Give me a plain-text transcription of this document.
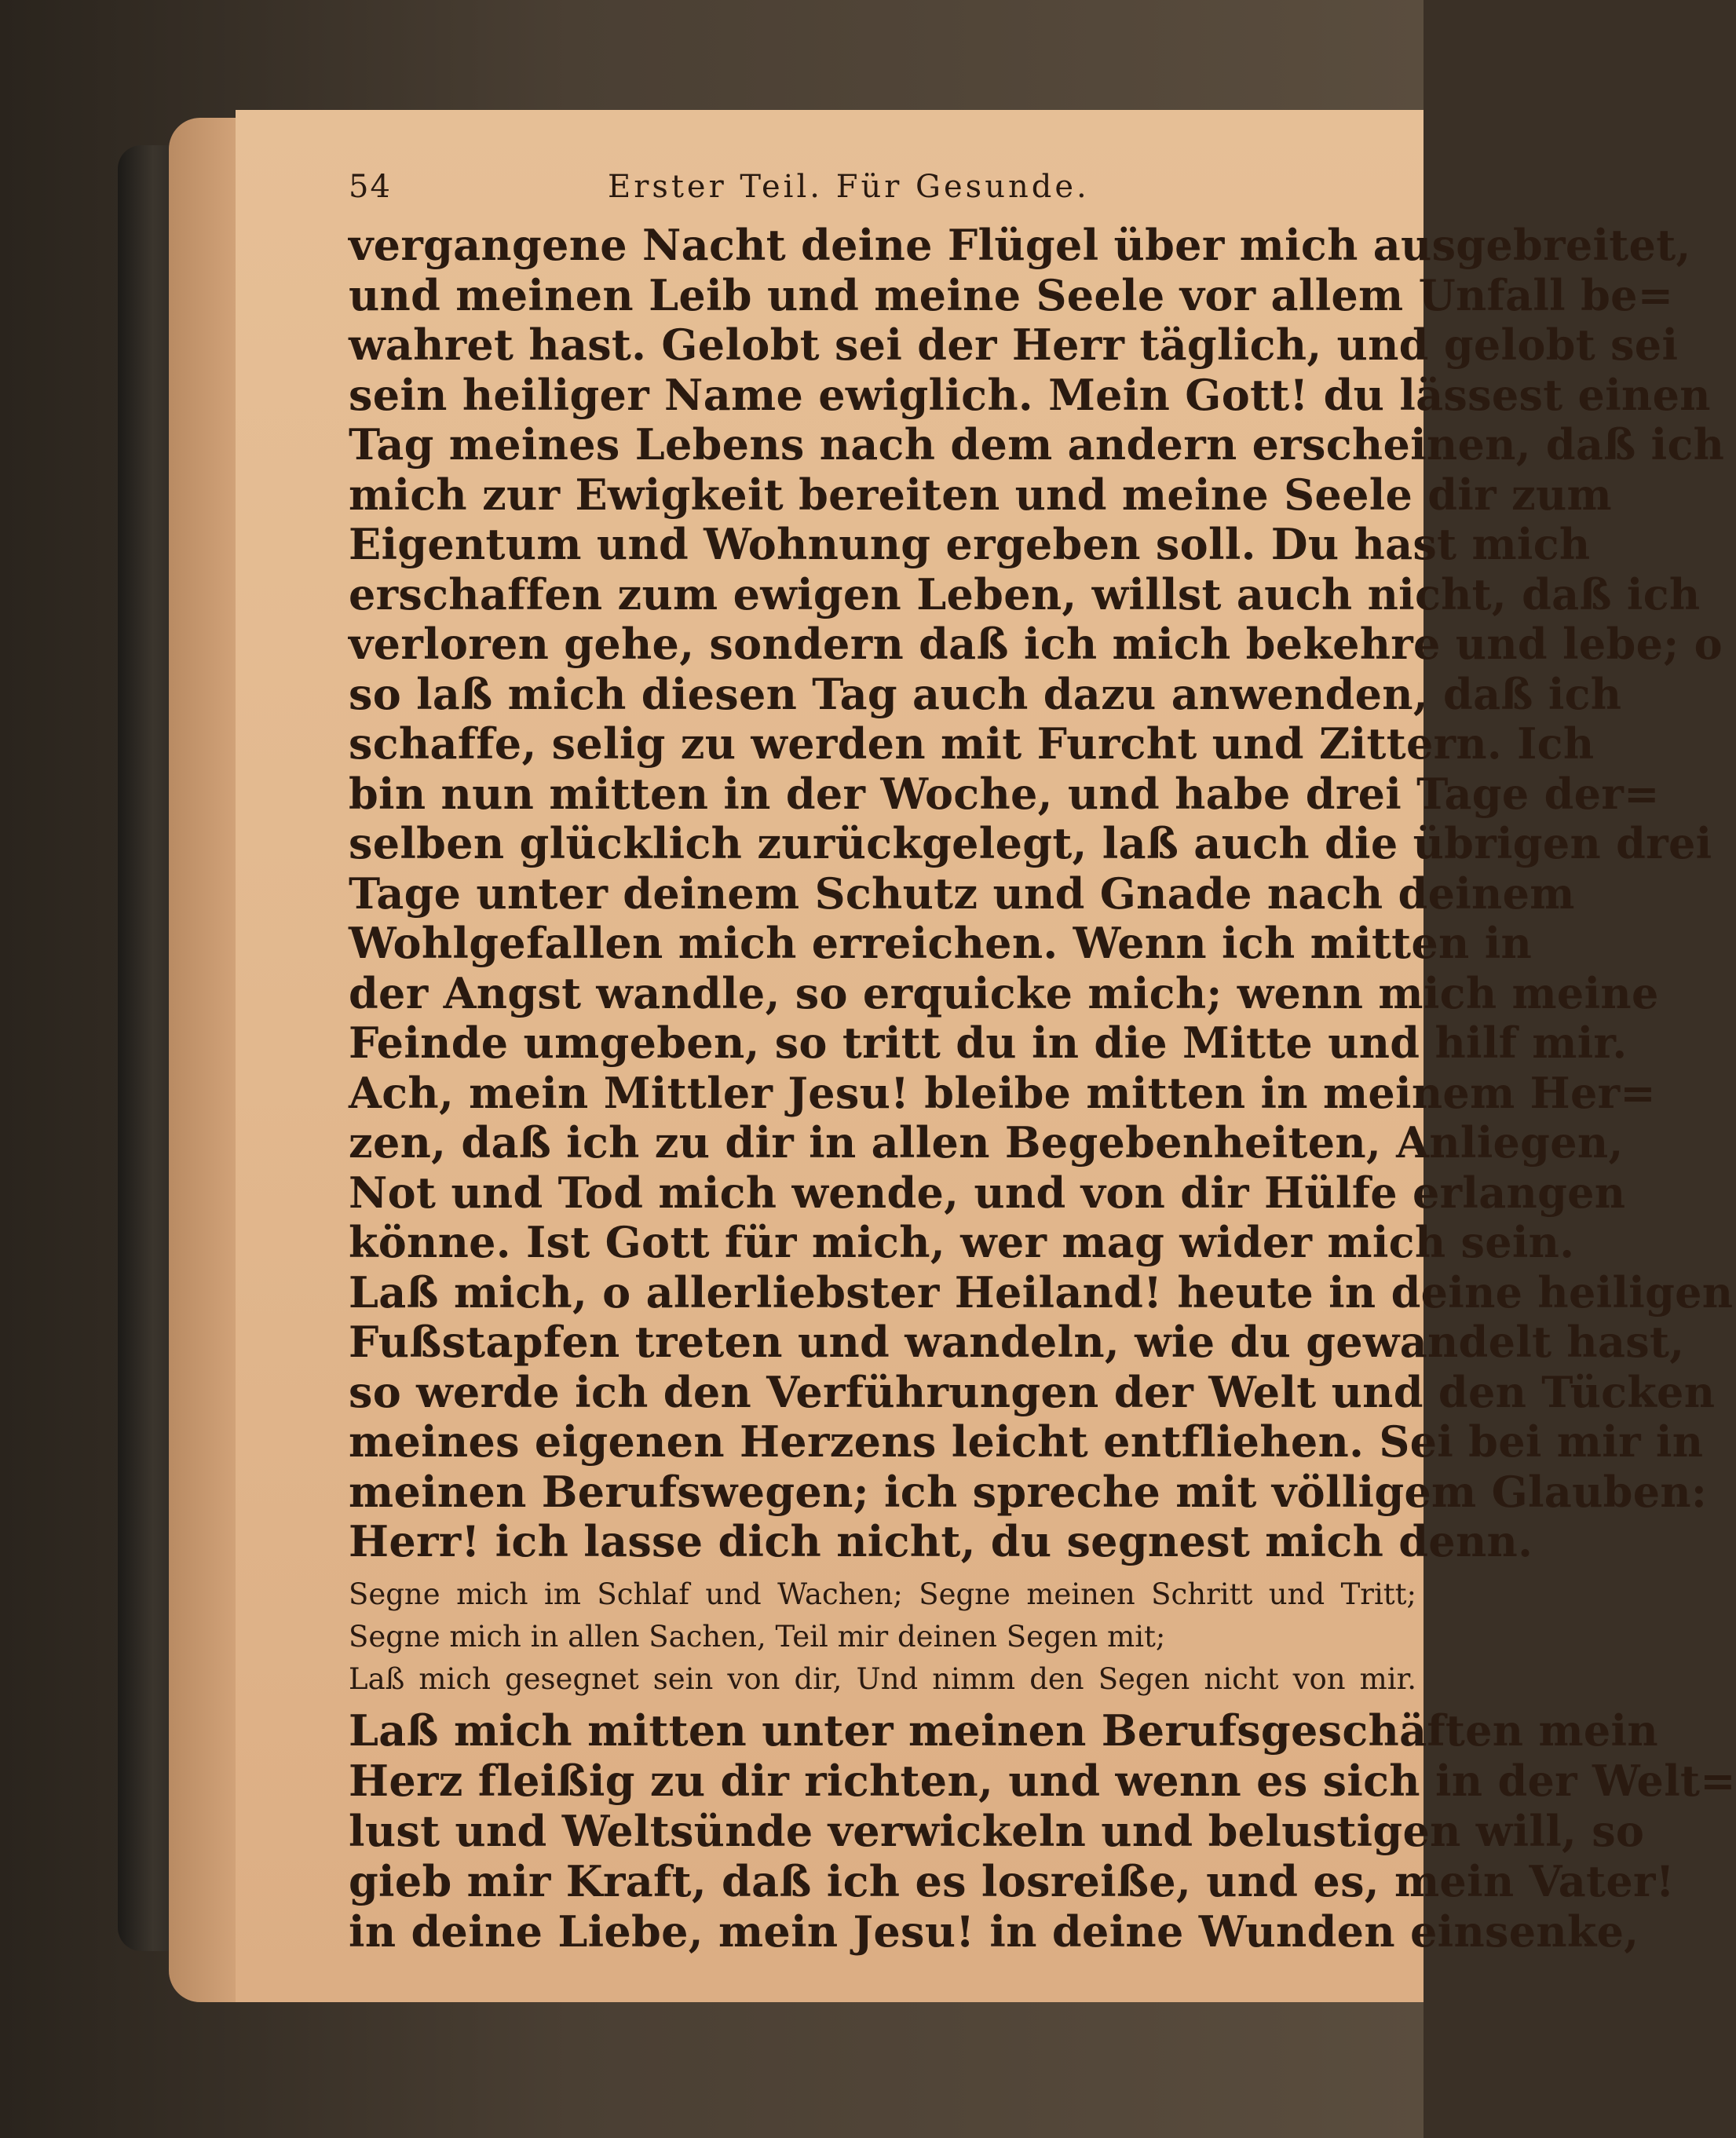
54	Erster Teil. Für Gesunde.
vergangene Nacht deine Flügel über mich ausgebreitet,
und meinen Leib und meine Seele vor allem Unfall be=
wahret hast. Gelobt sei der Herr täglich, und gelobt sei
sein heiliger Name ewiglich. Mein Gott! du lässest einen
Tag meines Lebens nach dem andern erscheinen, daß ich
mich zur Ewigkeit bereiten und meine Seele dir zum
Eigentum und Wohnung ergeben soll. Du hast mich
erschaffen zum ewigen Leben, willst auch nicht, daß ich
verloren gehe, sondern daß ich mich bekehre und lebe; o
so laß mich diesen Tag auch dazu anwenden, daß ich
schaffe, selig zu werden mit Furcht und Zittern. Ich
bin nun mitten in der Woche, und habe drei Tage der=
selben glücklich zurückgelegt, laß auch die übrigen drei
Tage unter deinem Schutz und Gnade nach deinem
Wohlgefallen mich erreichen. Wenn ich mitten in
der Angst wandle, so erquicke mich; wenn mich meine
Feinde umgeben, so tritt du in die Mitte und hilf mir.
Ach, mein Mittler Jesu! bleibe mitten in meinem Her=
zen, daß ich zu dir in allen Begebenheiten, Anliegen,
Not und Tod mich wende, und von dir Hülfe erlangen
könne. Ist Gott für mich, wer mag wider mich sein.
Laß mich, o allerliebster Heiland! heute in deine heiligen
Fußstapfen treten und wandeln, wie du gewandelt hast,
so werde ich den Verführungen der Welt und den Tücken
meines eigenen Herzens leicht entfliehen. Sei bei mir in
meinen Berufswegen; ich spreche mit völligem Glauben:
Herr! ich lasse dich nicht, du segnest mich denn.
Segne mich im Schlaf und Wachen; Segne meinen Schritt und Tritt;
Segne mich in allen Sachen, Teil mir deinen Segen mit;
Laß mich gesegnet sein von dir, Und nimm den Segen nicht von mir.
Laß mich mitten unter meinen Berufsgeschäften mein
Herz fleißig zu dir richten, und wenn es sich in der Welt=
lust und Weltsünde verwickeln und belustigen will, so
gieb mir Kraft, daß ich es losreiße, und es, mein Vater!
in deine Liebe, mein Jesu! in deine Wunden einsenke,
